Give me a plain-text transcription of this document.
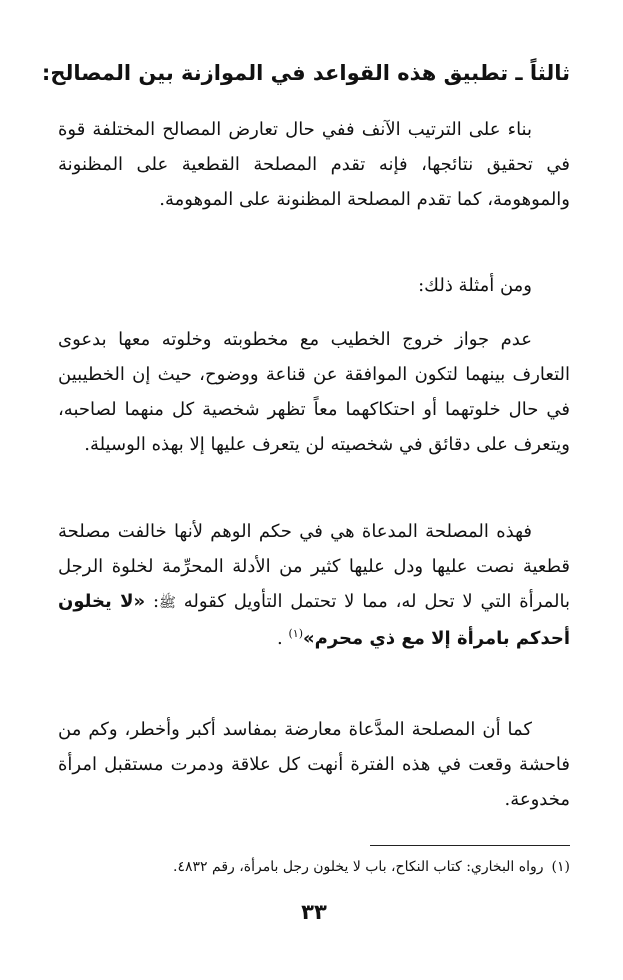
ثالثاً ـ تطبيق هذه القواعد في الموازنة بين المصالح:

بناء على الترتيب الآنف ففي حال تعارض المصالح المختلفة قوة في تحقيق نتائجها، فإنه تقدم المصلحة القطعية على المظنونة والموهومة، كما تقدم المصلحة المظنونة على الموهومة.

ومن أمثلة ذلك:

عدم جواز خروج الخطيب مع مخطوبته وخلوته معها بدعوى التعارف بينهما لتكون الموافقة عن قناعة ووضوح، حيث إن الخطيبين في حال خلوتهما أو احتكاكهما معاً تظهر شخصية كل منهما لصاحبه، ويتعرف على دقائق في شخصيته لن يتعرف عليها إلا بهذه الوسيلة.

فهذه المصلحة المدعاة هي في حكم الوهم لأنها خالفت مصلحة قطعية نصت عليها ودل عليها كثير من الأدلة المحرِّمة لخلوة الرجل بالمرأة التي لا تحل له، مما لا تحتمل التأويل كقوله ﷺ: «لا يخلون أحدكم بامرأة إلا مع ذي محرم»$^{(١)}$ .

كما أن المصلحة المدَّعاة معارضة بمفاسد أكبر وأخطر، وكم من فاحشة وقعت في هذه الفترة أنهت كل علاقة ودمرت مستقبل امرأة مخدوعة.

(١)رواه البخاري: كتاب النكاح، باب لا يخلون رجل بامرأة، رقم ٤٨٣٢.
٣٣
